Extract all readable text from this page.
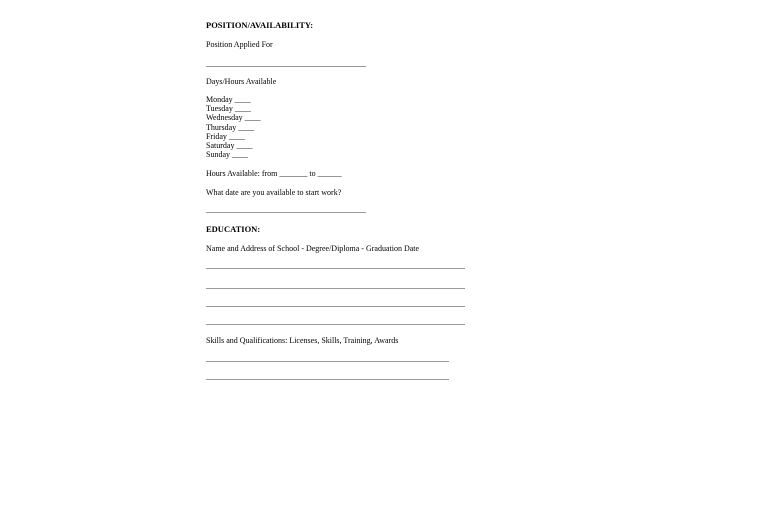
POSITION/AVAILABILITY:
Position Applied For
Days/Hours Available
Monday ____
Tuesday ____
Wednesday ____
Thursday ____
Friday ____
Saturday ____
Sunday ____
Hours Available: from _______ to ______
What date are you available to start work?
EDUCATION:
Name and Address of School - Degree/Diploma - Graduation Date
Skills and Qualifications: Licenses, Skills, Training, Awards
